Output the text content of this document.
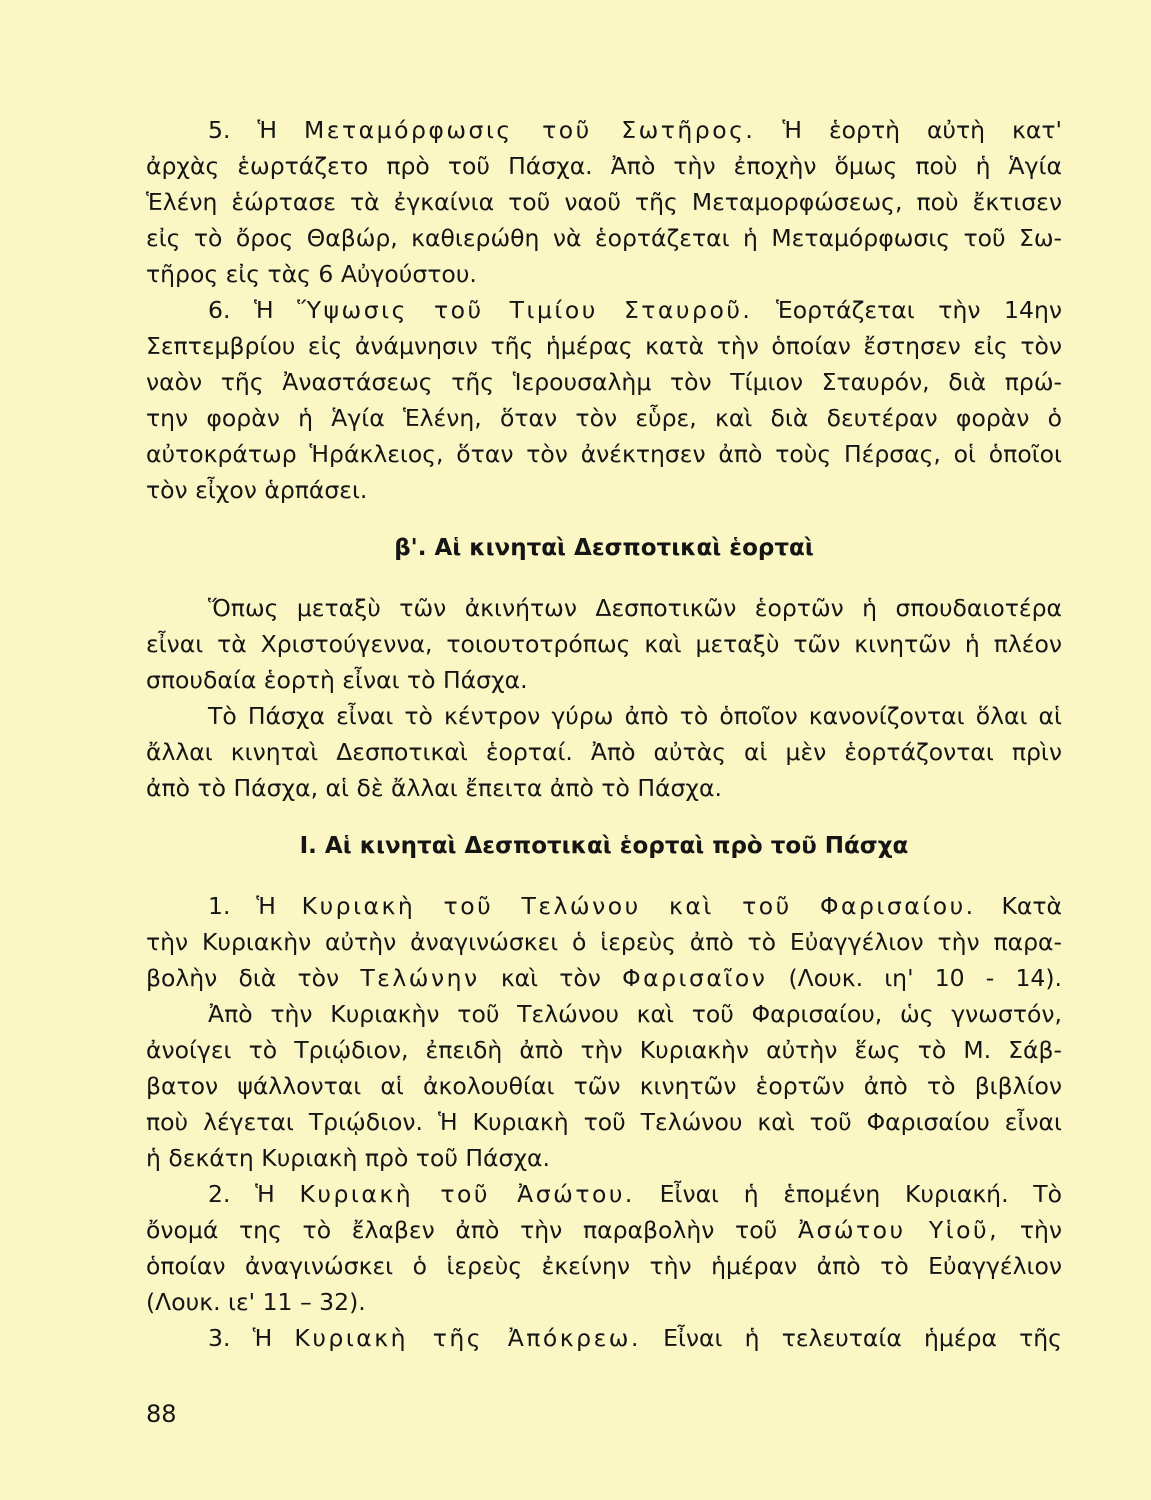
5. Ἡ Μεταμόρφωσις τοῦ Σωτῆρος. Ἡ ἑορτὴ αὐτὴ κατ'
ἀρχὰς ἑωρτάζετο πρὸ τοῦ Πάσχα. Ἀπὸ τὴν ἐποχὴν ὅμως ποὺ ἡ Ἁγία
Ἑλένη ἑώρτασε τὰ ἐγκαίνια τοῦ ναοῦ τῆς Μεταμορφώσεως, ποὺ ἔκτισεν
εἰς τὸ ὄρος Θαβώρ, καθιερώθη νὰ ἑορτάζεται ἡ Μεταμόρφωσις τοῦ Σω-
τῆρος εἰς τὰς 6 Αὐγούστου.
6. Ἡ Ὕψωσις τοῦ Τιμίου Σταυροῦ. Ἑορτάζεται τὴν 14ην
Σεπτεμβρίου εἰς ἀνάμνησιν τῆς ἡμέρας κατὰ τὴν ὁποίαν ἔστησεν εἰς τὸν
ναὸν τῆς Ἀναστάσεως τῆς Ἱερουσαλὴμ τὸν Τίμιον Σταυρόν, διὰ πρώ-
την φορὰν ἡ Ἁγία Ἑλένη, ὅταν τὸν εὗρε, καὶ διὰ δευτέραν φορὰν ὁ
αὐτοκράτωρ Ἡράκλειος, ὅταν τὸν ἀνέκτησεν ἀπὸ τοὺς Πέρσας, οἱ ὁποῖοι
τὸν εἶχον ἁρπάσει.
β'. Αἱ κινηταὶ Δεσποτικαὶ ἑορταὶ
Ὅπως μεταξὺ τῶν ἀκινήτων Δεσποτικῶν ἑορτῶν ἡ σπουδαιοτέρα
εἶναι τὰ Χριστούγεννα, τοιουτοτρόπως καὶ μεταξὺ τῶν κινητῶν ἡ πλέον
σπουδαία ἑορτὴ εἶναι τὸ Πάσχα.
Τὸ Πάσχα εἶναι τὸ κέντρον γύρω ἀπὸ τὸ ὁποῖον κανονίζονται ὅλαι αἱ
ἄλλαι κινηταὶ Δεσποτικαὶ ἑορταί. Ἀπὸ αὐτὰς αἱ μὲν ἑορτάζονται πρὶν
ἀπὸ τὸ Πάσχα, αἱ δὲ ἄλλαι ἔπειτα ἀπὸ τὸ Πάσχα.
I. Αἱ κινηταὶ Δεσποτικαὶ ἑορταὶ πρὸ τοῦ Πάσχα
1. Ἡ Κυριακὴ τοῦ Τελώνου καὶ τοῦ Φαρισαίου. Κατὰ
τὴν Κυριακὴν αὐτὴν ἀναγινώσκει ὁ ἱερεὺς ἀπὸ τὸ Εὐαγγέλιον τὴν παρα-
βολὴν διὰ τὸν Τελώνην καὶ τὸν Φαρισαῖον (Λουκ. ιη' 10 - 14).
Ἀπὸ τὴν Κυριακὴν τοῦ Τελώνου καὶ τοῦ Φαρισαίου, ὡς γνωστόν,
ἀνοίγει τὸ Τριῴδιον, ἐπειδὴ ἀπὸ τὴν Κυριακὴν αὐτὴν ἕως τὸ Μ. Σάβ-
βατον ψάλλονται αἱ ἀκολουθίαι τῶν κινητῶν ἑορτῶν ἀπὸ τὸ βιβλίον
ποὺ λέγεται Τριῴδιον. Ἡ Κυριακὴ τοῦ Τελώνου καὶ τοῦ Φαρισαίου εἶναι
ἡ δεκάτη Κυριακὴ πρὸ τοῦ Πάσχα.
2. Ἡ Κυριακὴ τοῦ Ἀσώτου. Εἶναι ἡ ἑπομένη Κυριακή. Τὸ
ὄνομά της τὸ ἔλαβεν ἀπὸ τὴν παραβολὴν τοῦ Ἀσώτου Υἱοῦ, τὴν
ὁποίαν ἀναγινώσκει ὁ ἱερεὺς ἐκείνην τὴν ἡμέραν ἀπὸ τὸ Εὐαγγέλιον
(Λουκ. ιε' 11 – 32).
3. Ἡ Κυριακὴ τῆς Ἀπόκρεω. Εἶναι ἡ τελευταία ἡμέρα τῆς
88
